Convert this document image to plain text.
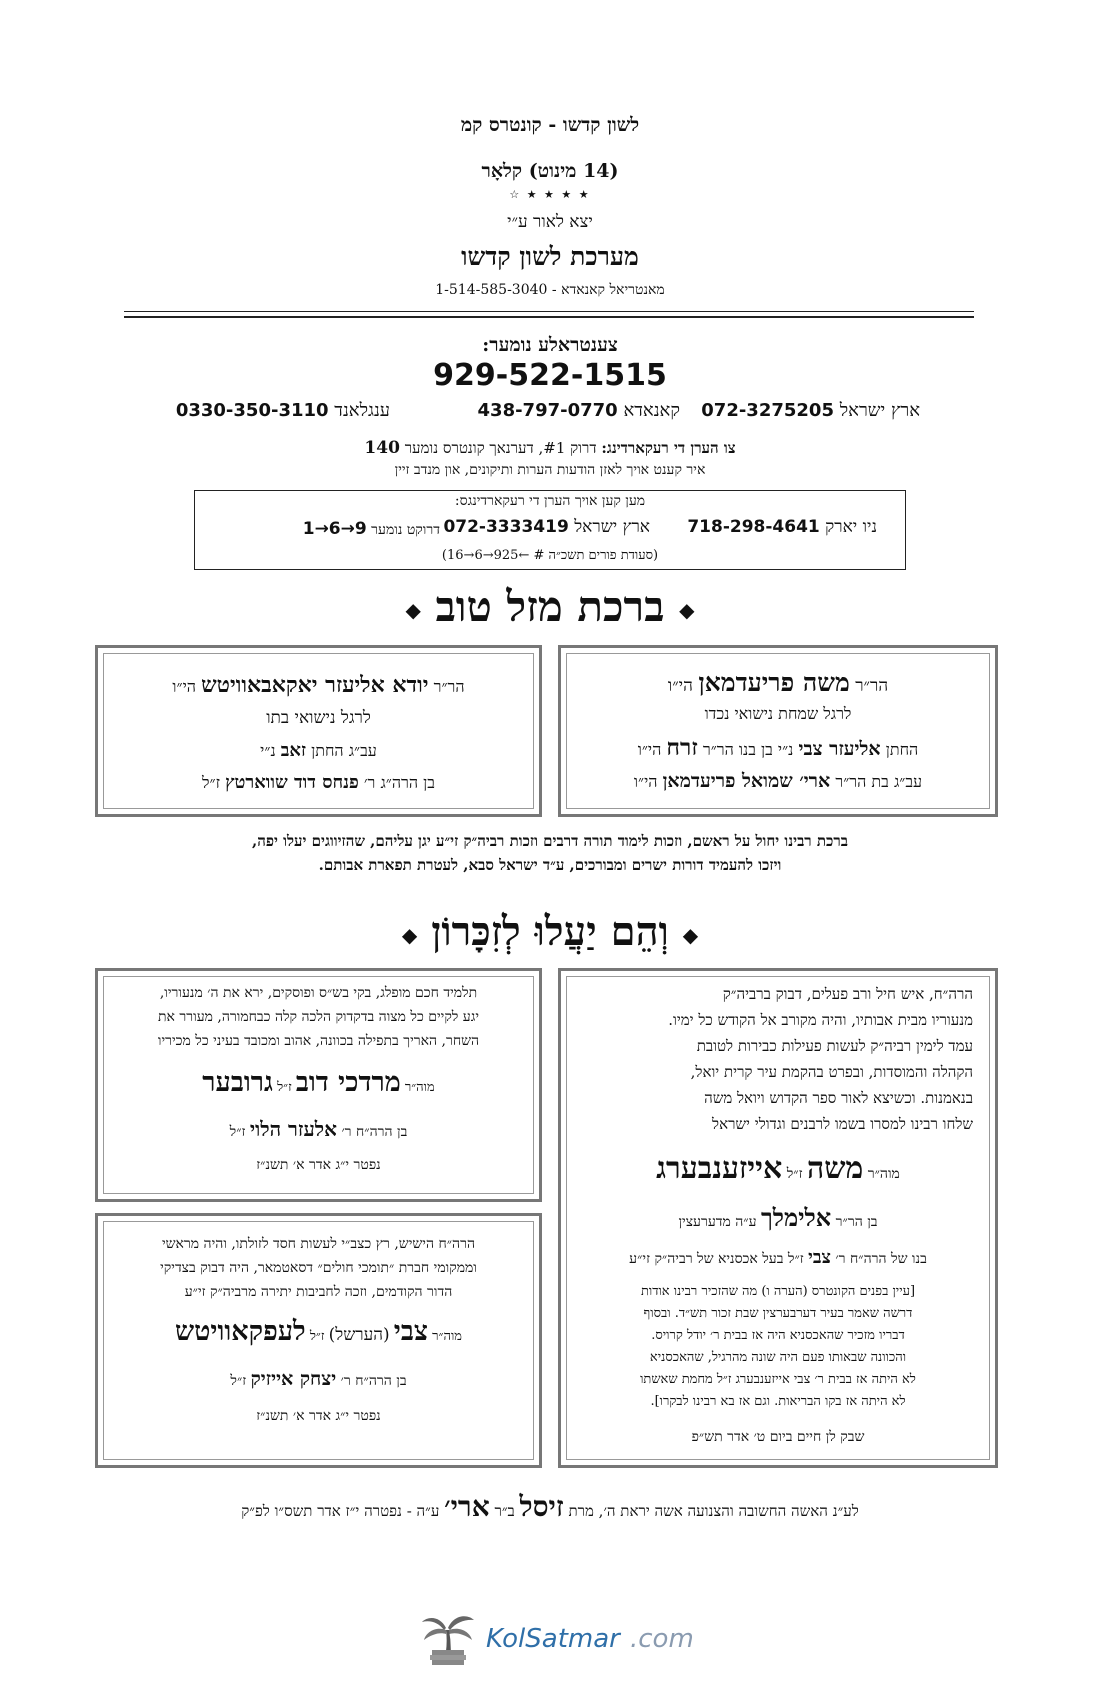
לשון קדשו - קונטרס קמ
(14 מינוט) קלאָר
★ ★ ★ ★ ☆
יצא לאור ע״י
מערכת לשון קדשו
מאנטריאל קאנאדא - 1-514-585-3040
צענטראלע נומער:
929-522-1515
ארץ ישראל 072-3275205
קאנאדא 438-797-0770
ענגלאנד 0330-350-3110
צו הערן די רעקארדינג: דרוק #1, דערנאך קונטרס נומער 140
איר קענט אויך לאזן הודעות הערות ותיקונים, און מנדב זיין
מען קען אויך הערן די רעקארדינגס:
ניו יארק 718-298-4641
ארץ ישראל 072-3333419
דרוקט נומער 1→6→9
(סעודת פורים תשכ״ה # ←925→6→16)
◆ ברכת מזל טוב ◆
הר״ר משה פריעדמאן הי״ו
לרגל שמחת נישואי נכדו
החתן אליעזר צבי נ״י בן בנו הר״ר זרח הי״ו
עב״ג בת הר״ר ארי׳ שמואל פריעדמאן הי״ו
הר״ר יודא אליעזר יאקאבאוויטש הי״ו
לרגל נישואי בתו
עב״ג החתן זאב נ״י
בן הרה״ג ר׳ פנחס דוד שווארטץ ז״ל
ברכת רבינו יחול על ראשם, וזכות לימוד תורה דרבים וזכות רביה״ק זי״ע יגן עליהם, שהזיווגים יעלו יפה,
ויזכו להעמיד דורות ישרים ומבורכים, ע״ד ישראל סבא, לעטרת תפארת אבותם.
◆ וְהֵם יַעֲלוּ לְזִכָּרוֹן ◆
הרה״ח, איש חיל ורב פעלים, דבוק ברביה״ק
מנעוריו מבית אבותיו, והיה מקורב אל הקודש כל ימיו.
עמד לימין רביה״ק לעשות פעילות כבירות לטובת
הקהלה והמוסדות, ובפרט בהקמת עיר קרית יואל,
בנאמנות. וכשיצא לאור ספר הקדוש ויואל משה
שלחו רבינו למסרו בשמו לרבנים וגדולי ישראל
מוה״ר משה ז״ל אייזענבערג
בן הר״ר אלימלך ע״ה מדערעצין
בנו של הרה״ח ר׳ צבי ז״ל בעל אכסניא של רביה״ק זי״ע
[עיין בפנים הקונטרס (הערה ו) מה שהזכיר רבינו אודות
דרשה שאמר בעיר דערבערצין שבת זכור תש״ד. ובסוף
דבריו מזכיר שהאכסניא היה אז בבית ר׳ יודל קרויס.
והכוונה שבאותו פעם היה שונה מהרגיל, שהאכסניא
לא היתה אז בבית ר׳ צבי אייזענבערג ז״ל מחמת שאשתו
לא היתה אז בקו הבריאות. וגם אז בא רבינו לבקרו].
שבק לן חיים ביום ט׳ אדר תש״פ
תלמיד חכם מופלג, בקי בש״ס ופוסקים, ירא את ה׳ מנעוריו,
יגע לקיים כל מצוה בדקדוק הלכה קלה כבחמורה, מעורר את
השחר, האריך בתפילה בכוונה, אהוב ומכובד בעיני כל מכיריו
מוה״ר מרדכי דוב ז״ל גרובער
בן הרה״ח ר׳ אלעזר הלוי ז״ל
נפטר י״ג אדר א׳ תשנ״ז
הרה״ח הישיש, רץ כצב״י לעשות חסד לזולתו, והיה מראשי
וממקומי חברת ״תומכי חולים״ דסאטמאר, היה דבוק בצדיקי
הדור הקודמים, וזכה לחביבות יתירה מרביה״ק זי״ע
מוה״ר צבי (הערשל) ז״ל לעפקאוויטש
בן הרה״ח ר׳ יצחק אייזיק ז״ל
נפטר י״ג אדר א׳ תשנ״ז
לע״נ האשה החשובה והצנועה אשה יראת ה׳, מרת זיסל ב״ר ארי׳ ע״ה - נפטרה י״ז אדר תשס״ו לפ״ק
KolSatmar .com
